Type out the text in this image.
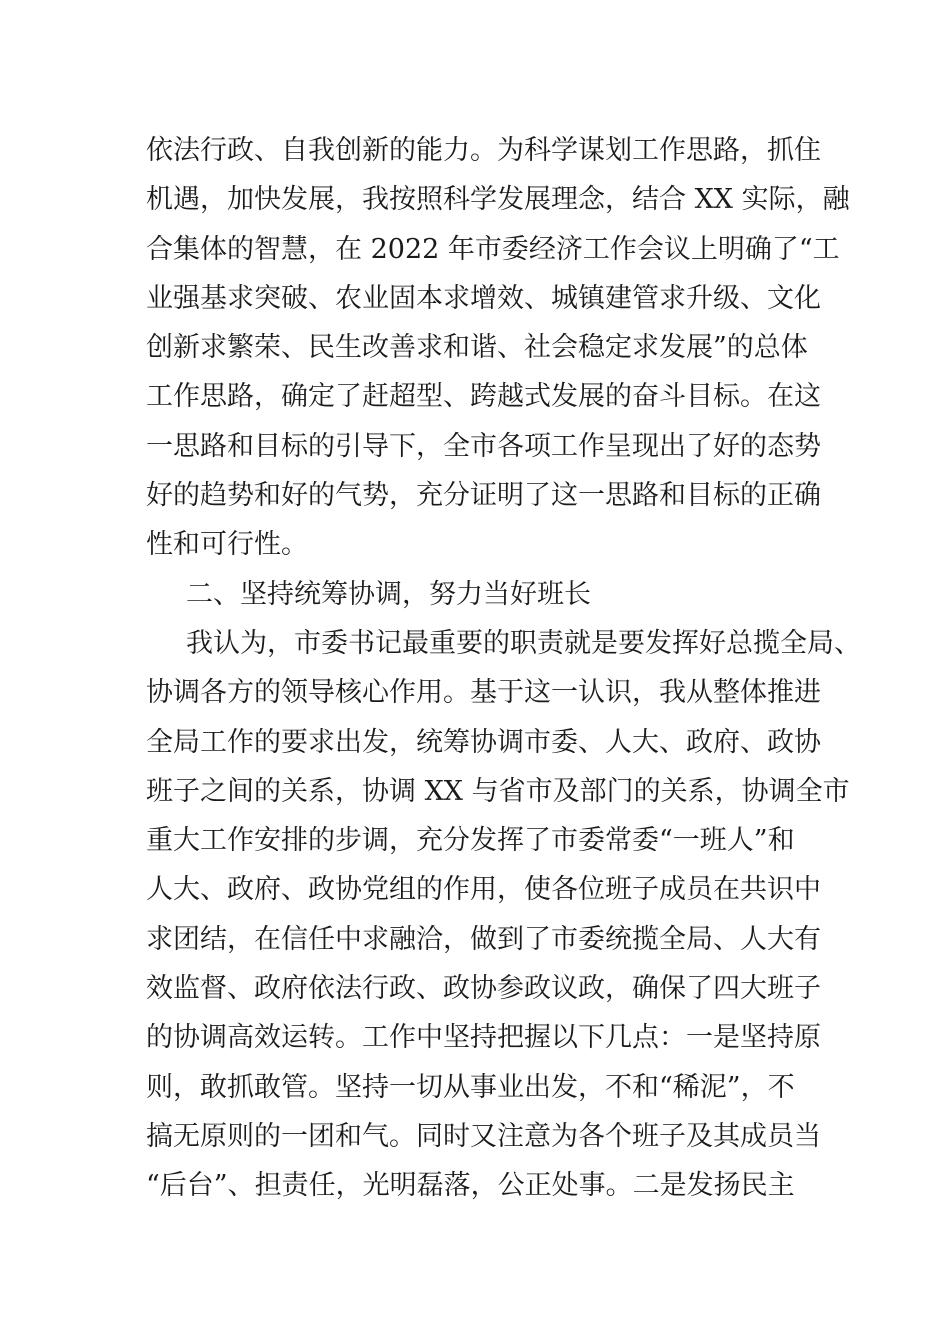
依法行政、自我创新的能力。为科学谋划工作思路，抓住
机遇，加快发展，我按照科学发展理念，结合 XX 实际，融
合集体的智慧，在 2022 年市委经济工作会议上明确了“工
业强基求突破、农业固本求增效、城镇建管求升级、文化
创新求繁荣、民生改善求和谐、社会稳定求发展”的总体
工作思路，确定了赶超型、跨越式发展的奋斗目标。在这
一思路和目标的引导下，全市各项工作呈现出了好的态势
好的趋势和好的气势，充分证明了这一思路和目标的正确
性和可行性。
二、坚持统筹协调，努力当好班长
我认为，市委书记最重要的职责就是要发挥好总揽全局、
协调各方的领导核心作用。基于这一认识，我从整体推进
全局工作的要求出发，统筹协调市委、人大、政府、政协
班子之间的关系，协调 XX 与省市及部门的关系，协调全市
重大工作安排的步调，充分发挥了市委常委“一班人”和
人大、政府、政协党组的作用，使各位班子成员在共识中
求团结，在信任中求融洽，做到了市委统揽全局、人大有
效监督、政府依法行政、政协参政议政，确保了四大班子
的协调高效运转。工作中坚持把握以下几点：一是坚持原
则，敢抓敢管。坚持一切从事业出发，不和“稀泥”，不
搞无原则的一团和气。同时又注意为各个班子及其成员当
“后台”、担责任，光明磊落，公正处事。二是发扬民主
